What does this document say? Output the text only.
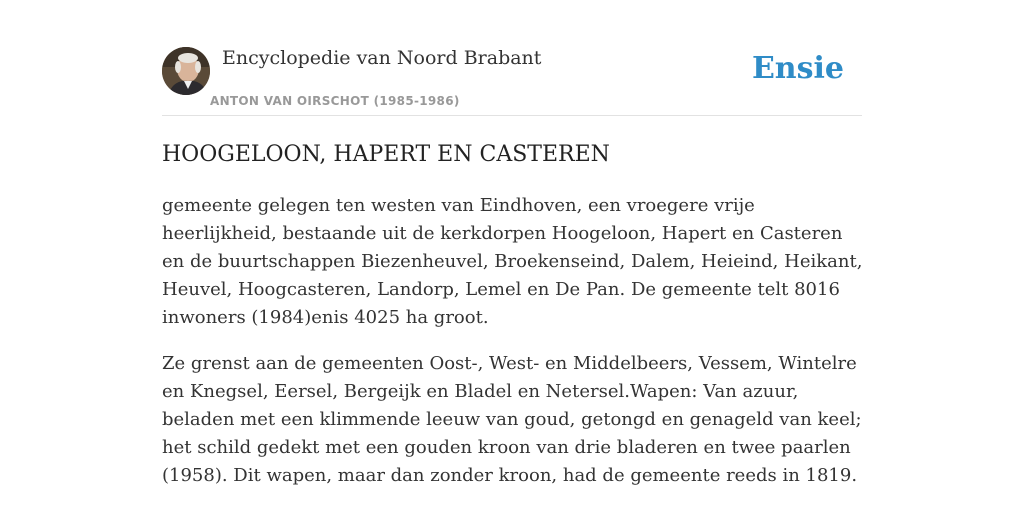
Encyclopedie van Noord Brabant
ANTON VAN OIRSCHOT (1985-1986)
Ensie
HOOGELOON, HAPERT EN CASTEREN

gemeente gelegen ten westen van Eindhoven, een vroegere vrije heerlijkheid, bestaande uit de kerkdorpen Hoogeloon, Hapert en Casteren en de buurtschappen Biezenheuvel, Broekenseind, Dalem, Heieind, Heikant, Heuvel, Hoogcasteren, Landorp, Lemel en De Pan. De gemeente telt 8016 inwoners (1984)enis 4025 ha groot.

Ze grenst aan de gemeenten Oost-, West- en Middelbeers, Vessem, Wintelre en Knegsel, Eersel, Bergeijk en Bladel en Netersel.Wapen: Van azuur, beladen met een klimmende leeuw van goud, getongd en genageld van keel; het schild gedekt met een gouden kroon van drie bladeren en twee paarlen (1958). Dit wapen, maar dan zonder kroon, had de gemeente reeds in 1819.
